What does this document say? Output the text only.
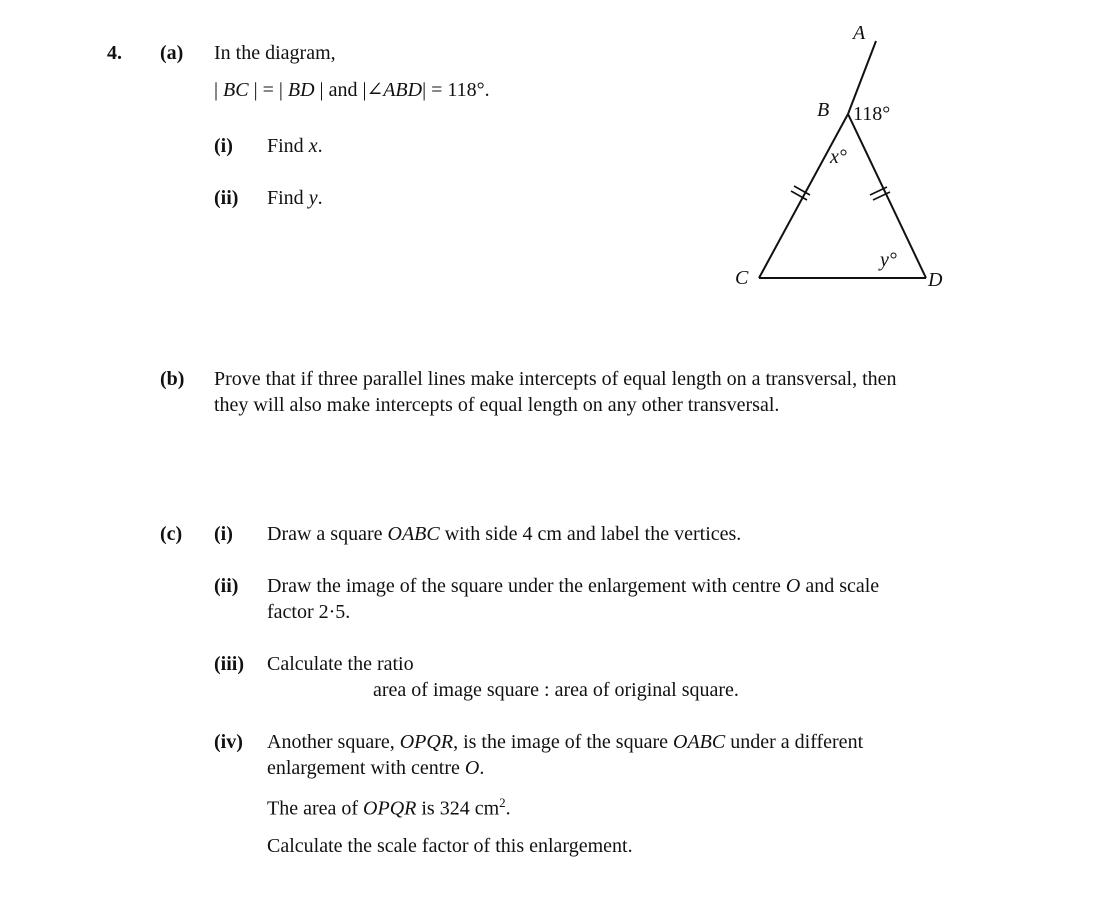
4. (a) In the diagram,
| BC | = | BD | and |∠ABD| = 118°.
(i) Find x.
(ii) Find y.
A
B
C	D
118°
x°
y°
(b) Prove that if three parallel lines make intercepts of equal length on a transversal, then
they will also make intercepts of equal length on any other transversal.
(c) (i) Draw a square OABC with side 4 cm and label the vertices.
(ii) Draw the image of the square under the enlargement with centre O and scale
factor 2·5.
(iii) Calculate the ratio
area of image square : area of original square.
(iv) Another square, OPQR, is the image of the square OABC under a different
enlargement with centre O.
The area of OPQR is 324 $cm^2$.
Calculate the scale factor of this enlargement.
